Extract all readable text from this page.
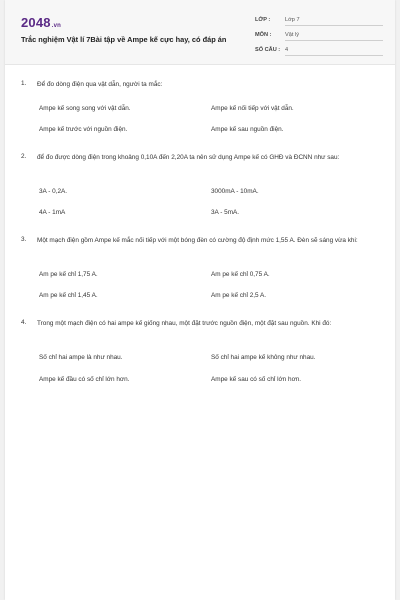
2048.vn
Trắc nghiệm Vật lí 7Bài tập về Ampe kế cực hay, có đáp án
LỚP :	Lớp 7
MÔN : Vật lý
SỐ CÂU : 4
1. Để đo dòng điện qua vật dẫn, người ta mắc:
Ampe kế song song với vật dẫn.	Ampe kế nối tiếp với vật dẫn.
Ampe kế trước với nguồn điện.	Ampe kế sau nguồn điện.
2. để đo được dòng điện trong khoảng 0,10A đến 2,20A ta nên sử dụng Ampe kế có GHĐ và ĐCNN như sau:
3A - 0,2A.	3000mA - 10mA.
4A - 1mA	3A - 5mA.
3. Một mạch điện gồm Ampe kế mắc nối tiếp với một bóng đèn có cường độ định mức 1,55 A. Đèn sẽ sáng vừa khi:
Am pe kế chỉ 1,75 A.	Am pe kế chỉ 0,75 A.
Am pe kế chỉ 1,45 A.	Am pe kế chỉ 2,5 A.
4. Trong một mạch điện có hai ampe kế giống nhau, một đặt trước nguồn điện, một đặt sau nguồn. Khi đó:
Số chỉ hai ampe là như nhau.	Số chỉ hai ampe kế không như nhau.
Ampe kế đầu có số chỉ lớn hơn.	Ampe kế sau có số chỉ lớn hơn.
